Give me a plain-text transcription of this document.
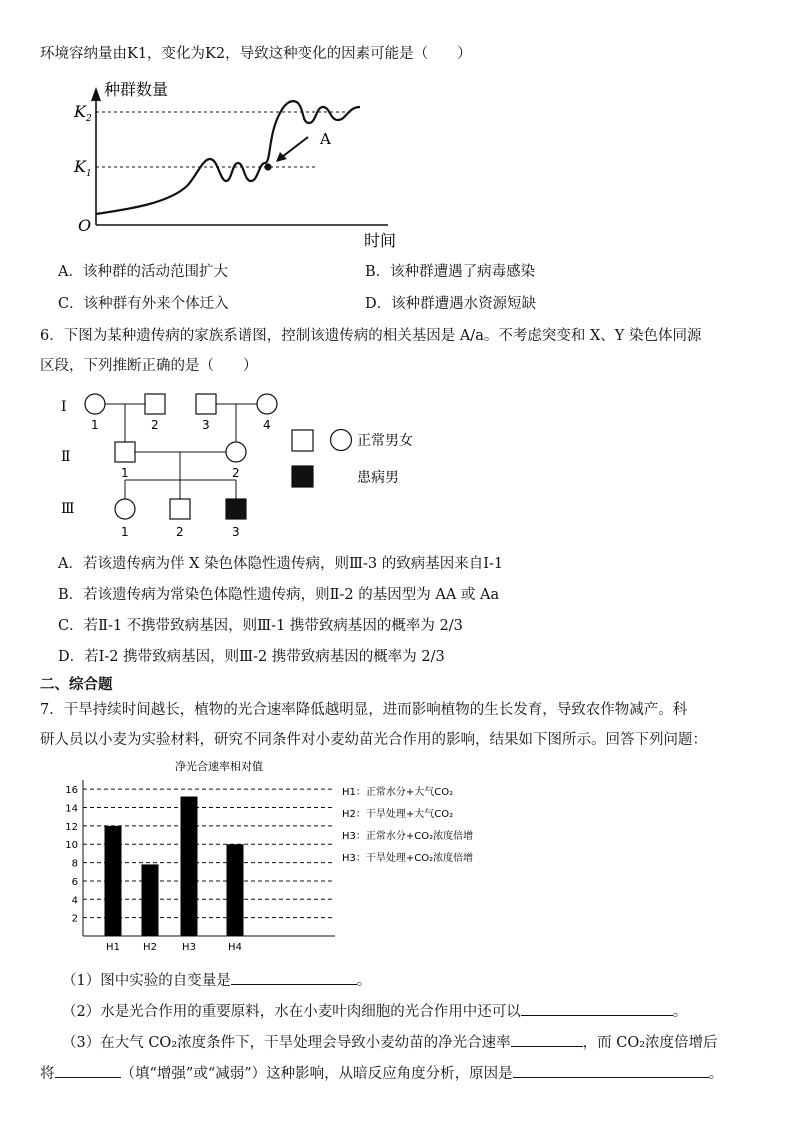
环境容纳量由K1，变化为K2，导致这种变化的因素可能是（　　）
种群数量
时间
O
$K_2$
$K_1$
A
A．该种群的活动范围扩大	B．该种群遭遇了病毒感染
C．该种群有外来个体迁入	D．该种群遭遇水资源短缺
6．下图为某种遗传病的家族系谱图，控制该遗传病的相关基因是 A/a。不考虑突变和 X、Y 染色体同源
区段，下列推断正确的是（　　）
Ⅰ
Ⅱ
Ⅲ
1	2	3	4
1	2
1	2	3
正常男女
患病男
A．若该遗传病为伴 X 染色体隐性遗传病，则Ⅲ-3 的致病基因来自Ⅰ-1
B．若该遗传病为常染色体隐性遗传病，则Ⅱ-2 的基因型为 AA 或 Aa
C．若Ⅱ-1 不携带致病基因，则Ⅲ-1 携带致病基因的概率为 2/3
D．若Ⅰ-2 携带致病基因，则Ⅲ-2 携带致病基因的概率为 2/3
二、综合题
7．干旱持续时间越长，植物的光合速率降低越明显，进而影响植物的生长发育，导致农作物减产。科
研人员以小麦为实验材料，研究不同条件对小麦幼苗光合作用的影响，结果如下图所示。回答下列问题：
净光合速率相对值
2
4
6
8
10
12
14
16
H1 H2	H3	H4
H1：正常水分+大气CO₂
H2：干旱处理+大气CO₂
H3：正常水分+CO₂浓度倍增
H3：干旱处理+CO₂浓度倍增
（1）图中实验的自变量是	。
（2）水是光合作用的重要原料，水在小麦叶肉细胞的光合作用中还可以	。
（3）在大气 CO₂浓度条件下，干旱处理会导致小麦幼苗的净光合速率	，而 CO₂浓度倍增后
将	（填“增强”或“减弱”）这种影响，从暗反应角度分析，原因是	。
